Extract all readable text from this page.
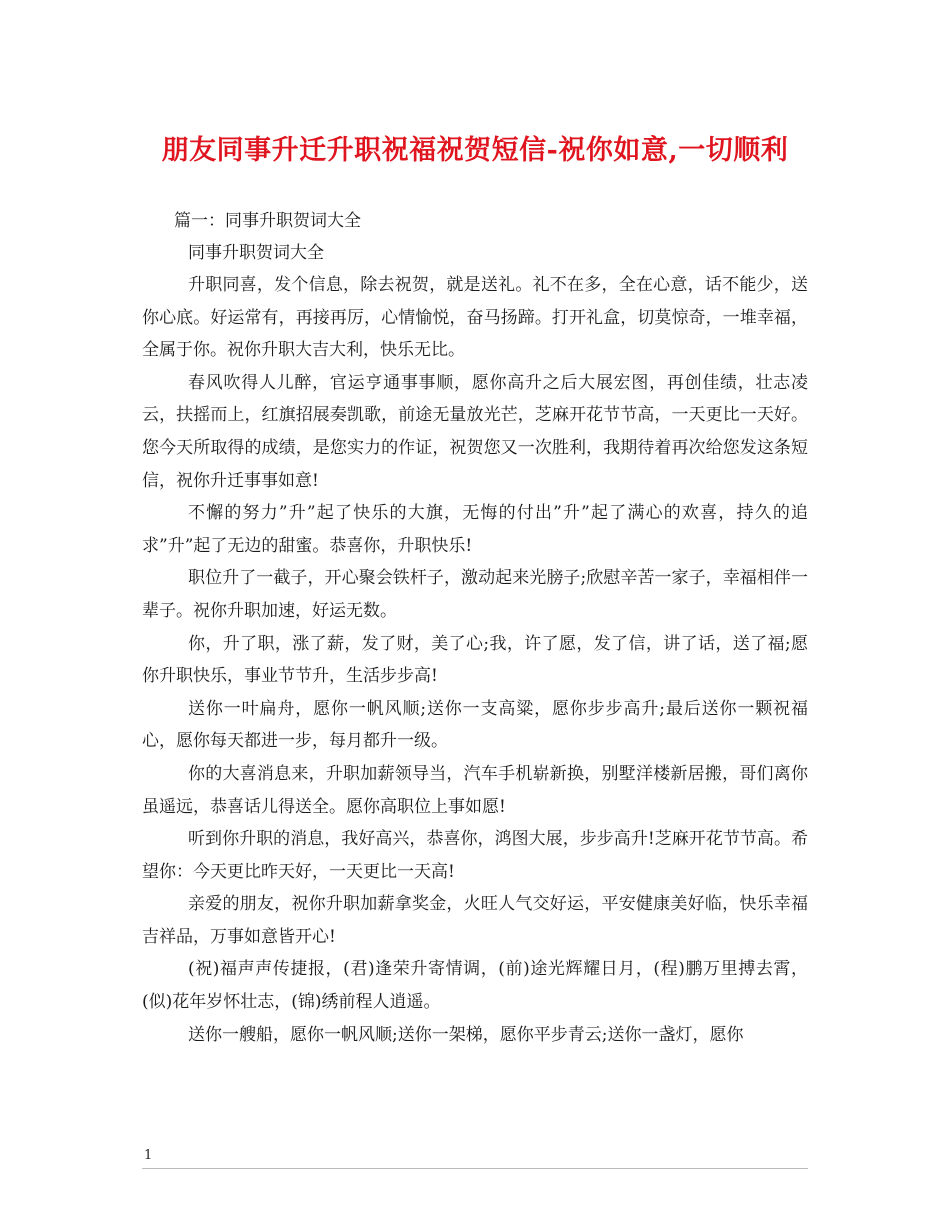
朋友同事升迁升职祝福祝贺短信-祝你如意,一切顺利
篇一：同事升职贺词大全
同事升职贺词大全

升职同喜，发个信息，除去祝贺，就是送礼。礼不在多，全在心意，话不能少，送你心底。好运常有，再接再厉，心情愉悦，奋马扬蹄。打开礼盒，切莫惊奇，一堆幸福，全属于你。祝你升职大吉大利，快乐无比。

春风吹得人儿醉，官运亨通事事顺，愿你高升之后大展宏图，再创佳绩，壮志凌云，扶摇而上，红旗招展奏凯歌，前途无量放光芒，芝麻开花节节高，一天更比一天好。您今天所取得的成绩，是您实力的作证，祝贺您又一次胜利，我期待着再次给您发这条短信，祝你升迁事事如意!

不懈的努力”升”起了快乐的大旗，无悔的付出”升”起了满心的欢喜，持久的追求”升”起了无边的甜蜜。恭喜你，升职快乐!

职位升了一截子，开心聚会铁杆子，激动起来光膀子;欣慰辛苦一家子，幸福相伴一辈子。祝你升职加速，好运无数。

你，升了职，涨了薪，发了财，美了心;我，许了愿，发了信，讲了话，送了福;愿你升职快乐，事业节节升，生活步步高!

送你一叶扁舟，愿你一帆风顺;送你一支高粱，愿你步步高升;最后送你一颗祝福心，愿你每天都进一步，每月都升一级。

你的大喜消息来，升职加薪领导当，汽车手机崭新换，别墅洋楼新居搬，哥们离你虽遥远，恭喜话儿得送全。愿你高职位上事如愿!

听到你升职的消息，我好高兴，恭喜你，鸿图大展，步步高升!芝麻开花节节高。希望你：今天更比昨天好，一天更比一天高!

亲爱的朋友，祝你升职加薪拿奖金，火旺人气交好运，平安健康美好临，快乐幸福吉祥品，万事如意皆开心!

(祝)福声声传捷报，(君)逢荣升寄情调，(前)途光辉耀日月，(程)鹏万里搏去霄，(似)花年岁怀壮志，(锦)绣前程人逍遥。

送你一艘船，愿你一帆风顺;送你一架梯，愿你平步青云;送你一盏灯，愿你

1
